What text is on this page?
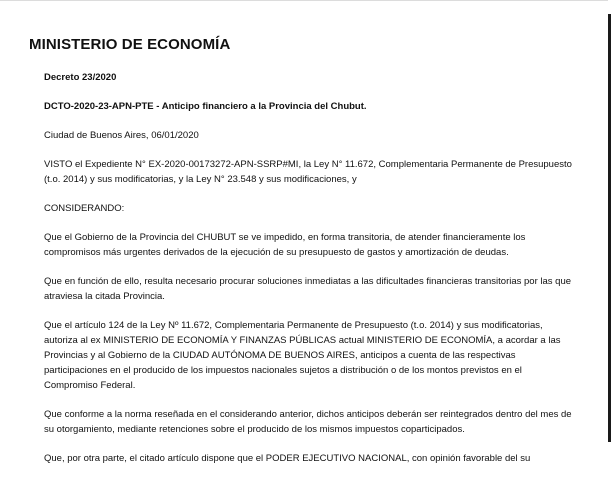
MINISTERIO DE ECONOMÍA

Decreto 23/2020

DCTO-2020-23-APN-PTE - Anticipo financiero a la Provincia del Chubut.

Ciudad de Buenos Aires, 06/01/2020

VISTO el Expediente N° EX-2020-00173272-APN-SSRP#MI, la Ley N° 11.672, Complementaria Permanente de Presupuesto (t.o. 2014) y sus modificatorias, y la Ley N° 23.548 y sus modificaciones, y

CONSIDERANDO:

Que el Gobierno de la Provincia del CHUBUT se ve impedido, en forma transitoria, de atender financieramente los compromisos más urgentes derivados de la ejecución de su presupuesto de gastos y amortización de deudas.

Que en función de ello, resulta necesario procurar soluciones inmediatas a las dificultades financieras transitorias por las que atraviesa la citada Provincia.

Que el artículo 124 de la Ley Nº 11.672, Complementaria Permanente de Presupuesto (t.o. 2014) y sus modificatorias, autoriza al ex MINISTERIO DE ECONOMÍA Y FINANZAS PÚBLICAS actual MINISTERIO DE ECONOMÍA, a acordar a las Provincias y al Gobierno de la CIUDAD AUTÓNOMA DE BUENOS AIRES, anticipos a cuenta de las respectivas participaciones en el producido de los impuestos nacionales sujetos a distribución o de los montos previstos en el Compromiso Federal.

Que conforme a la norma reseñada en el considerando anterior, dichos anticipos deberán ser reintegrados dentro del mes de su otorgamiento, mediante retenciones sobre el producido de los mismos impuestos coparticipados.

Que, por otra parte, el citado artículo dispone que el PODER EJECUTIVO NACIONAL, con opinión favorable del su
